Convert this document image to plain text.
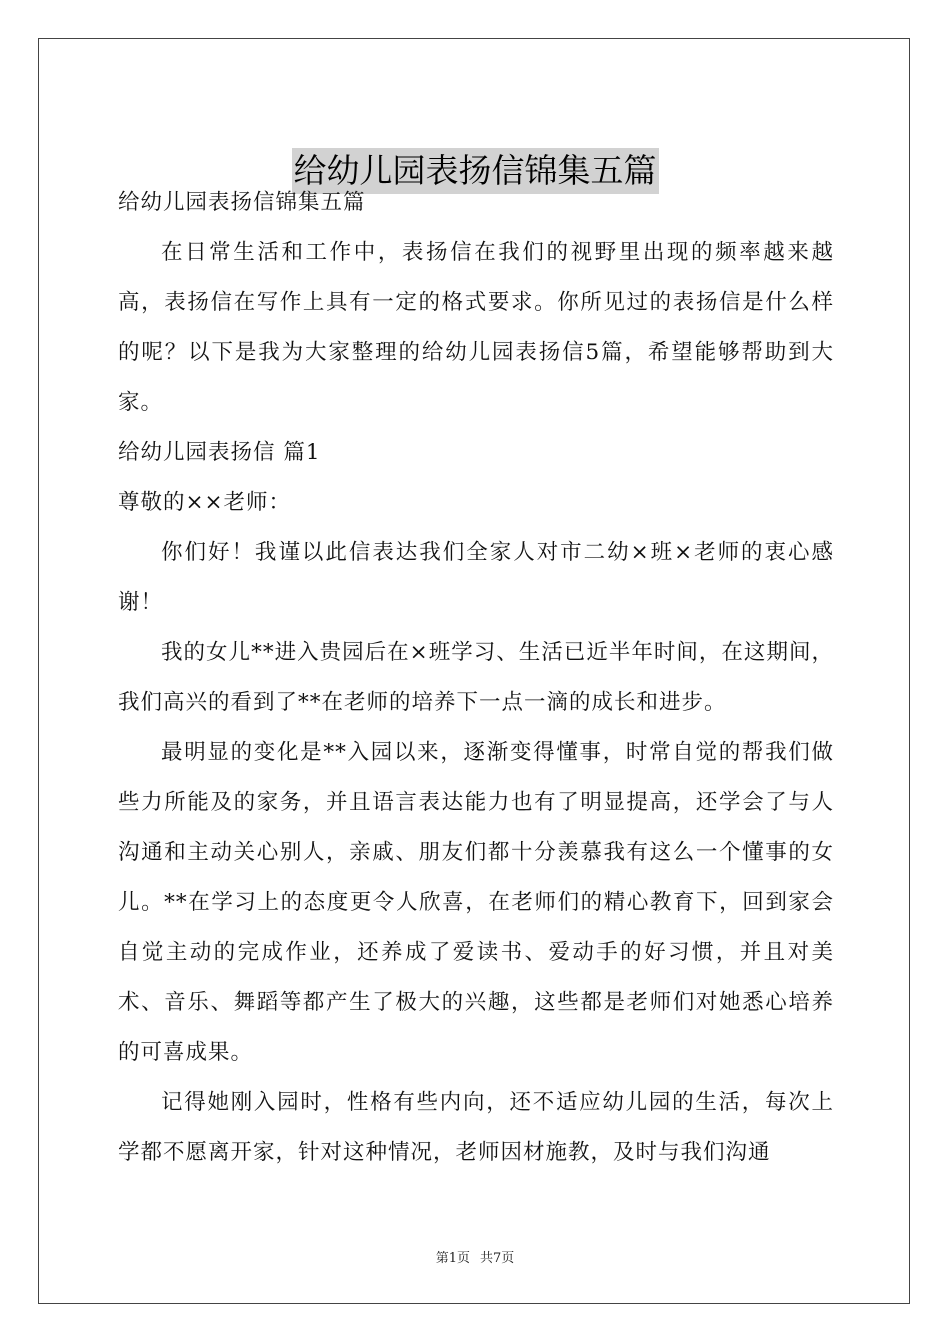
给幼儿园表扬信锦集五篇

给幼儿园表扬信锦集五篇

在日常生活和工作中，表扬信在我们的视野里出现的频率越来越高，表扬信在写作上具有一定的格式要求。你所见过的表扬信是什么样的呢？以下是我为大家整理的给幼儿园表扬信5篇，希望能够帮助到大家。

给幼儿园表扬信 篇1

尊敬的××老师：

你们好！我谨以此信表达我们全家人对市二幼×班×老师的衷心感谢！

我的女儿**进入贵园后在×班学习、生活已近半年时间，在这期间，我们高兴的看到了**在老师的培养下一点一滴的成长和进步。

最明显的变化是**入园以来，逐渐变得懂事，时常自觉的帮我们做些力所能及的家务，并且语言表达能力也有了明显提高，还学会了与人沟通和主动关心别人，亲戚、朋友们都十分羡慕我有这么一个懂事的女儿。**在学习上的态度更令人欣喜，在老师们的精心教育下，回到家会自觉主动的完成作业，还养成了爱读书、爱动手的好习惯，并且对美术、音乐、舞蹈等都产生了极大的兴趣，这些都是老师们对她悉心培养的可喜成果。

记得她刚入园时，性格有些内向，还不适应幼儿园的生活，每次上学都不愿离开家，针对这种情况，老师因材施教，及时与我们沟通

第1页 共7页
